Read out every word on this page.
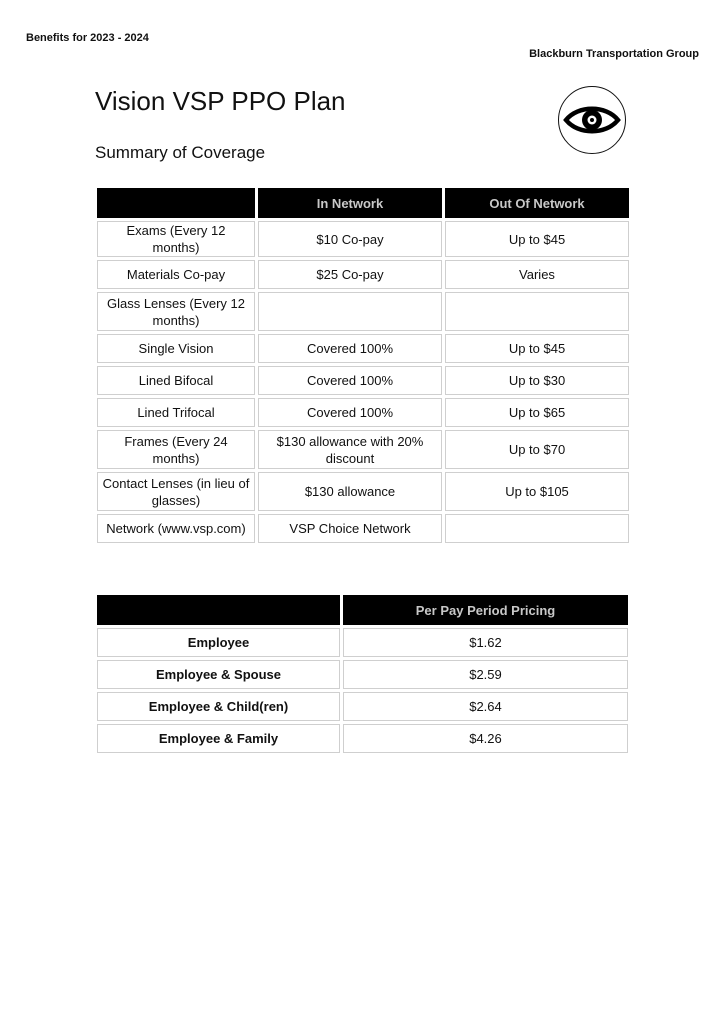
Benefits for 2023 - 2024
Blackburn Transportation Group
Vision VSP PPO Plan
Summary of Coverage
	In Network	Out Of Network
Exams (Every 12 months)	$10 Co-pay	Up to $45
Materials Co-pay	$25 Co-pay	Varies
Glass Lenses (Every 12 months)		
Single Vision	Covered 100%	Up to $45
Lined Bifocal	Covered 100%	Up to $30
Lined Trifocal	Covered 100%	Up to $65
Frames (Every 24 months)	$130 allowance with 20% discount	Up to $70
Contact Lenses (in lieu of glasses)	$130 allowance	Up to $105
Network (www.vsp.com)	VSP Choice Network	
	Per Pay Period Pricing
Employee	$1.62
Employee & Spouse	$2.59
Employee & Child(ren)	$2.64
Employee & Family	$4.26
